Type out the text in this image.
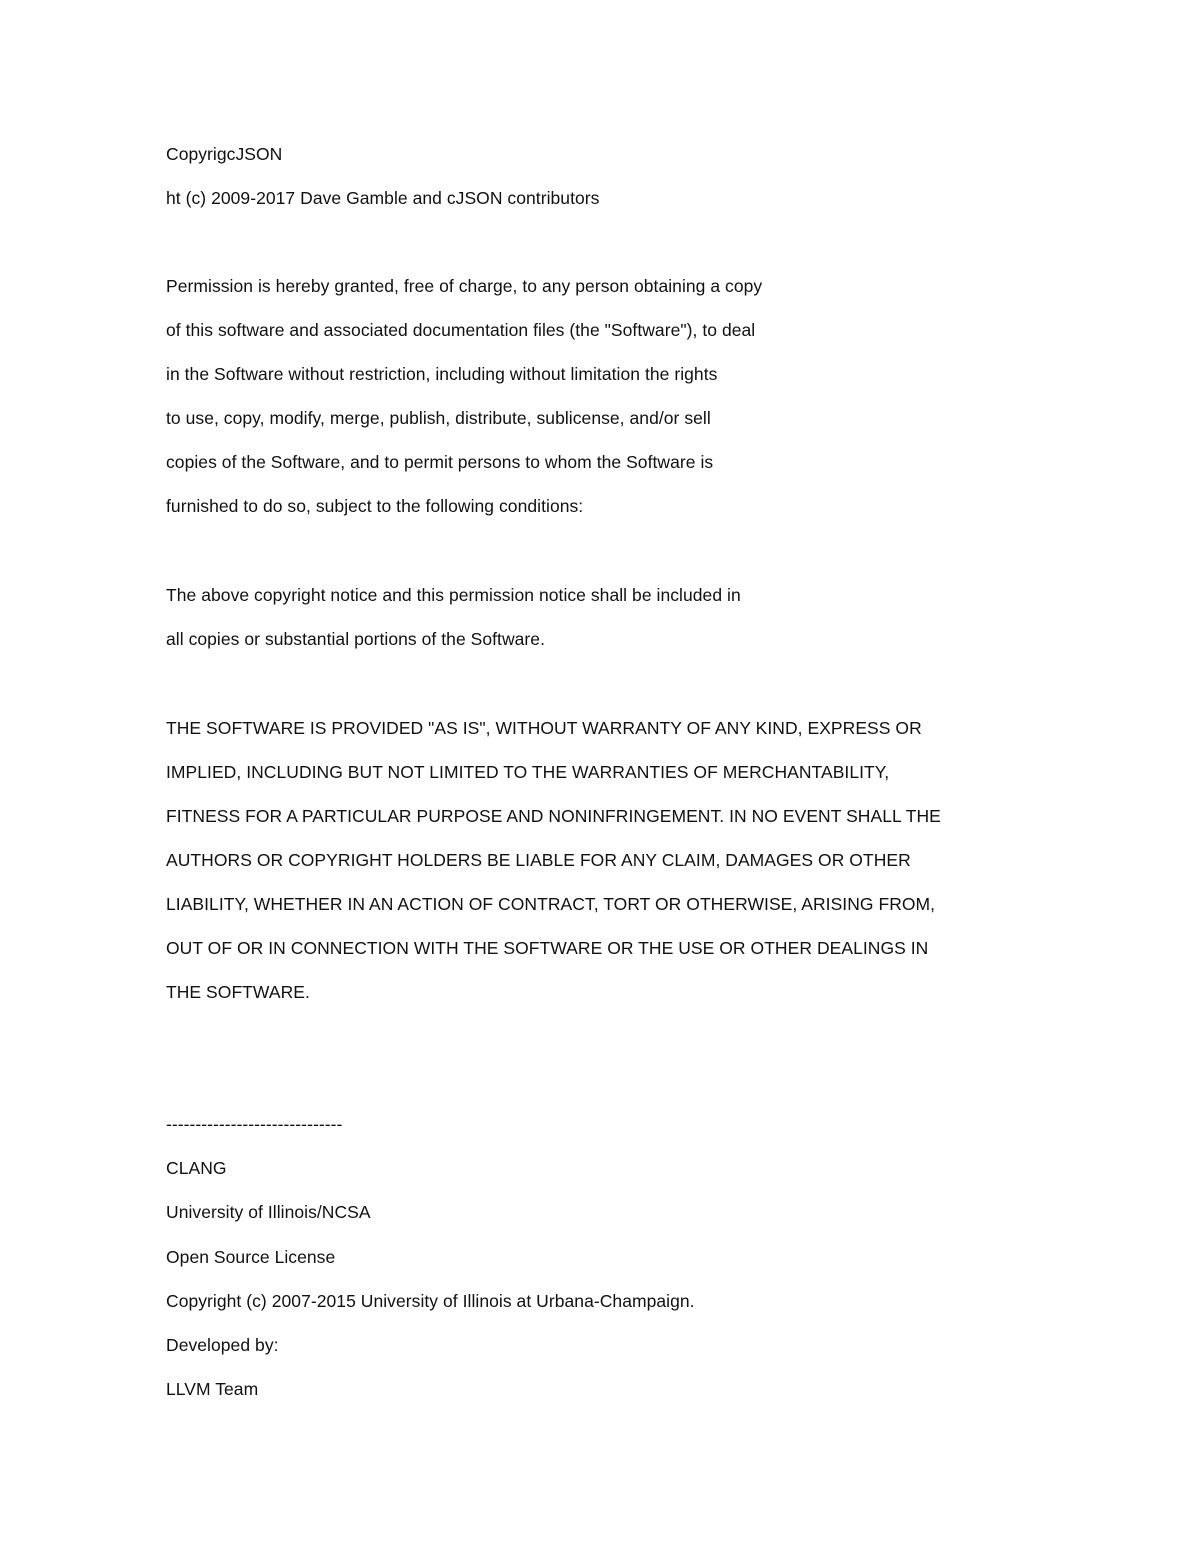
CopyrigcJSON
ht (c) 2009-2017 Dave Gamble and cJSON contributors
Permission is hereby granted, free of charge, to any person obtaining a copy
of this software and associated documentation files (the "Software"), to deal
in the Software without restriction, including without limitation the rights
to use, copy, modify, merge, publish, distribute, sublicense, and/or sell
copies of the Software, and to permit persons to whom the Software is
furnished to do so, subject to the following conditions:
The above copyright notice and this permission notice shall be included in
all copies or substantial portions of the Software.
THE SOFTWARE IS PROVIDED "AS IS", WITHOUT WARRANTY OF ANY KIND, EXPRESS OR
IMPLIED, INCLUDING BUT NOT LIMITED TO THE WARRANTIES OF MERCHANTABILITY,
FITNESS FOR A PARTICULAR PURPOSE AND NONINFRINGEMENT. IN NO EVENT SHALL THE
AUTHORS OR COPYRIGHT HOLDERS BE LIABLE FOR ANY CLAIM, DAMAGES OR OTHER
LIABILITY, WHETHER IN AN ACTION OF CONTRACT, TORT OR OTHERWISE, ARISING FROM,
OUT OF OR IN CONNECTION WITH THE SOFTWARE OR THE USE OR OTHER DEALINGS IN
THE SOFTWARE.
------------------------------
CLANG
University of Illinois/NCSA
Open Source License
Copyright (c) 2007-2015 University of Illinois at Urbana-Champaign.
Developed by:
LLVM Team
